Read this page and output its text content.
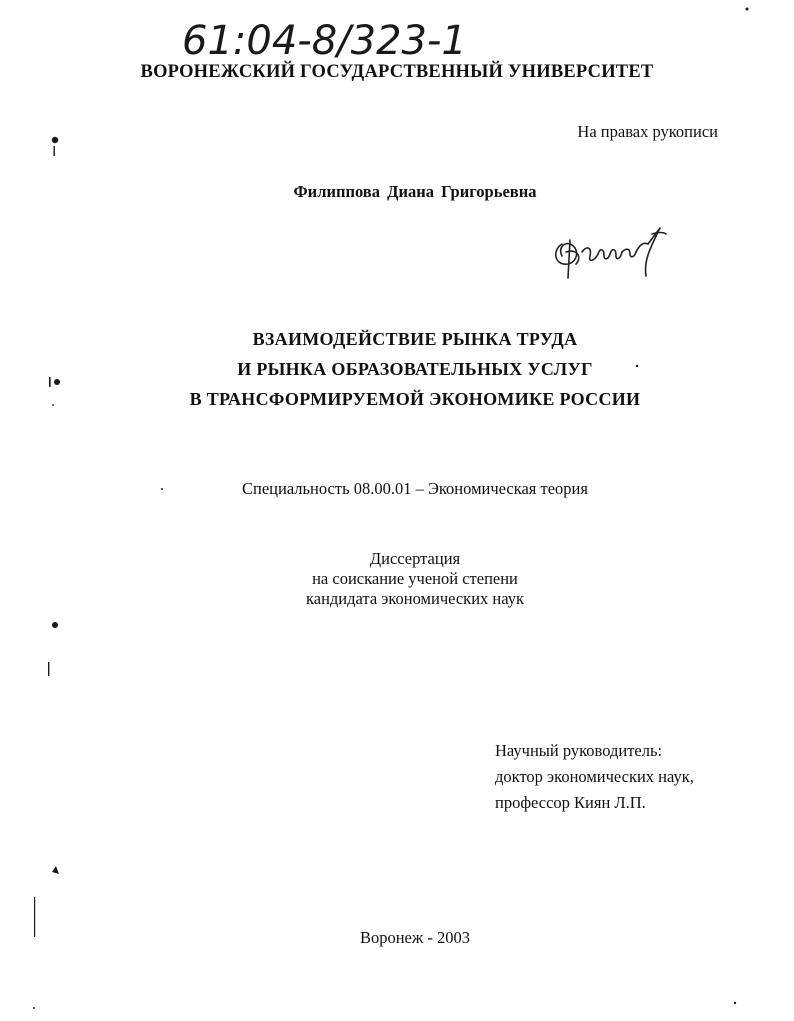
61:04-8/323-1
ВОРОНЕЖСКИЙ ГОСУДАРСТВЕННЫЙ УНИВЕРСИТЕТ
На правах рукописи
Филиппова Диана Григорьевна
ВЗАИМОДЕЙСТВИЕ РЫНКА ТРУДА
И РЫНКА ОБРАЗОВАТЕЛЬНЫХ УСЛУГ
В ТРАНСФОРМИРУЕМОЙ ЭКОНОМИКЕ РОССИИ
Специальность 08.00.01 – Экономическая теория
Диссертация
на соискание ученой степени
кандидата экономических наук
Научный руководитель:
доктор экономических наук,
профессор Киян Л.П.
Воронеж - 2003
